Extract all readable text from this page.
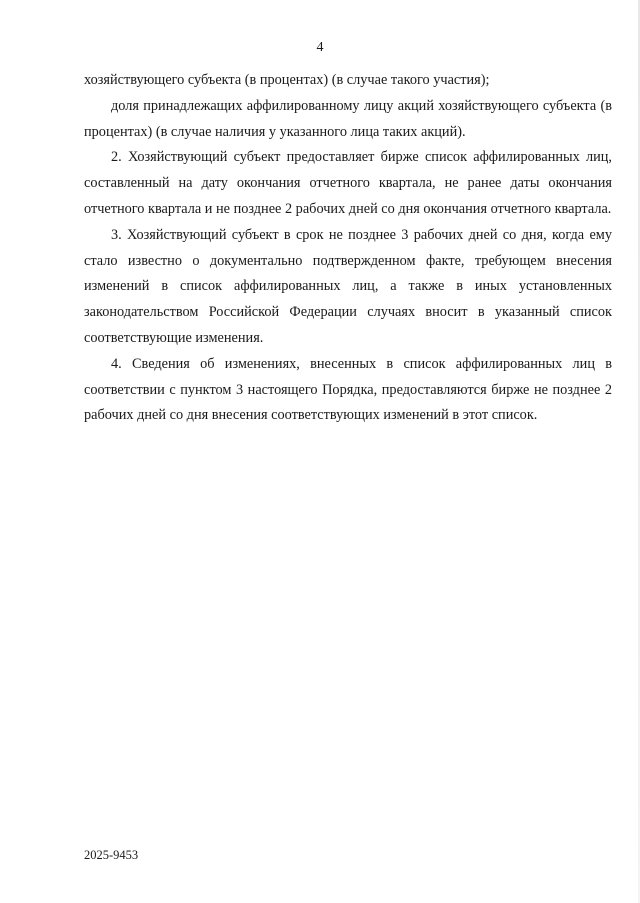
4

хозяйствующего субъекта (в процентах) (в случае такого участия);

доля принадлежащих аффилированному лицу акций хозяйствующего субъекта (в процентах) (в случае наличия у указанного лица таких акций).

2. Хозяйствующий субъект предоставляет бирже список аффилированных лиц, составленный на дату окончания отчетного квартала, не ранее даты окончания отчетного квартала и не позднее 2 рабочих дней со дня окончания отчетного квартала.

3. Хозяйствующий субъект в срок не позднее 3 рабочих дней со дня, когда ему стало известно о документально подтвержденном факте, требующем внесения изменений в список аффилированных лиц, а также в иных установленных законодательством Российской Федерации случаях вносит в указанный список соответствующие изменения.

4. Сведения об изменениях, внесенных в список аффилированных лиц в соответствии с пунктом 3 настоящего Порядка, предоставляются бирже не позднее 2 рабочих дней со дня внесения соответствующих изменений в этот список.

2025-9453
